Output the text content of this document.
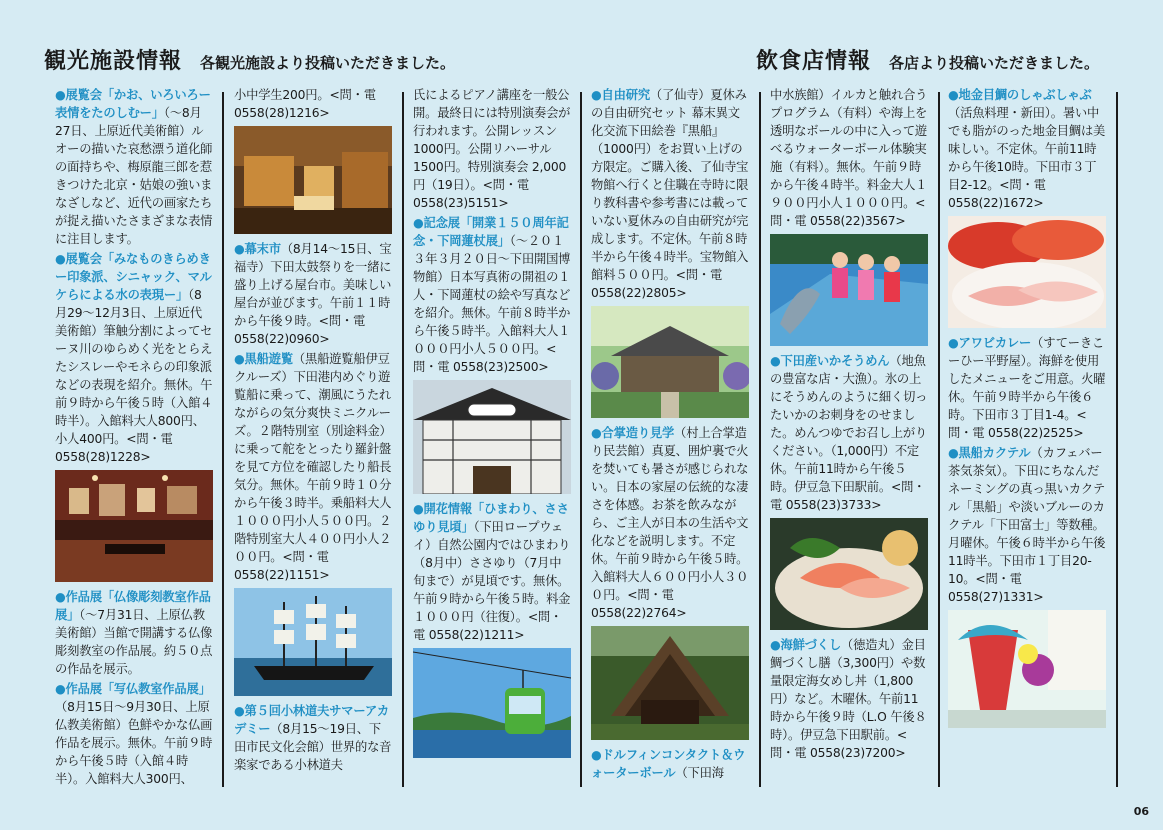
観光施設情報 各観光施設より投稿いただきました。	飲食店情報 各店より投稿いただきました。

●展覧会「かお、いろいろー表情をたのしむー」（〜8月27日、上原近代美術館）ルオーの描いた哀愁漂う道化師の面持ちや、梅原龍三郎を惹きつけた北京・姑娘の強いまなざしなど、近代の画家たちが捉え描いたさまざまな表情に注目します。

●展覧会「みなものきらめきー印象派、シニャック、マルケらによる水の表現ー」（8月29〜12月3日、上原近代美術館）筆触分割によってセーヌ川のゆらめく光をとらえたシスレーやモネらの印象派などの表現を紹介。無休。午前９時から午後５時（入館４時半）。入館料大人800円、小人400円。<問・電 0558(28)1228>

●作品展「仏像彫刻教室作品展」（〜7月31日、上原仏教美術館）当館で開講する仏像彫刻教室の作品展。約５０点の作品を展示。

●作品展「写仏教室作品展」（8月15日〜9月30日、上原仏教美術館）色鮮やかな仏画作品を展示。無休。午前９時から午後５時（入館４時半）。入館料大人300円、

小中学生200円。<問・電 0558(28)1216>

●幕末市（8月14〜15日、宝福寺）下田太鼓祭りを一緒に盛り上げる屋台市。美味しい屋台が並びます。午前１１時から午後９時。<問・電 0558(22)0960>

●黒船遊覧（黒船遊覧船伊豆クルーズ）下田港内めぐり遊覧船に乗って、潮風にうたれながらの気分爽快ミニクルーズ。２階特別室（別途料金）に乗って舵をとったり羅針盤を見て方位を確認したり船長気分。無休。午前９時１０分から午後３時半。乗船料大人１０００円小人５００円。２階特別室大人４００円小人２００円。<問・電 0558(22)1151>

●第５回小林道夫サマーアカデミー（8月15〜19日、下田市民文化会館）世界的な音楽家である小林道夫

氏によるピアノ講座を一般公開。最終日には特別演奏会が行われます。公開レッスン 1000円。公開リハーサル 1500円。特別演奏会 2,000円（19日）。<問・電 0558(23)5151>

●記念展「開業１５０周年記念・下岡蓮杖展」（〜２０１３年３月２０日〜下田開国博物館）日本写真術の開祖の１人・下岡蓮杖の絵や写真などを紹介。無休。午前８時半から午後５時半。入館料大人１０００円小人５００円。<問・電 0558(23)2500>

●開花情報「ひまわり、ささゆり見頃」（下田ロープウェイ）自然公園内ではひまわり（8月中）ささゆり（7月中旬まで）が見頃です。無休。午前９時から午後５時。料金１０００円（往復）。<問・電 0558(22)1211>

●自由研究（了仙寺）夏休みの自由研究セット 幕末異文化交流下田絵巻『黒船』（1000円）をお買い上げの方限定。ご購入後、了仙寺宝物館へ行くと住職在寺時に限り教科書や参考書には載っていない夏休みの自由研究が完成します。不定休。午前８時半から午後４時半。宝物館入館料５００円。<問・電 0558(22)2805>

●合掌造り見学（村上合掌造り民芸館）真夏、囲炉裏で火を焚いても暑さが感じられない。日本の家屋の伝統的な凄さを体感。お茶を飲みながら、ご主人が日本の生活や文化などを説明します。不定休。午前９時から午後５時。入館料大人６００円小人３００円。<問・電 0558(22)2764>

●ドルフィンコンタクト＆ウォーターボール（下田海

中水族館）イルカと触れ合うプログラム（有料）や海上を透明なボールの中に入って遊べるウォーターボール体験実施（有料）。無休。午前９時から午後４時半。料金大人１９００円小人１０００円。<問・電 0558(22)3567>

●下田産いかそうめん（地魚の豊富な店・大漁）。氷の上にそうめんのように細く切ったいかのお刺身をのせました。めんつゆでお召し上がりください。（1,000円）不定休。午前11時から午後５時。伊豆急下田駅前。<問・電 0558(23)3733>

●海鮮づくし（徳造丸）金目鯛づくし膳（3,300円）や数量限定海女めし丼（1,800円）など。木曜休。午前11時から午後９時（L.O 午後８時）。伊豆急下田駅前。<問・電 0558(23)7200>

●地金目鯛のしゃぶしゃぶ（活魚料理・新田）。暑い中でも脂がのった地金目鯛は美味しい。不定休。午前11時から午後10時。下田市３丁目2-12。<問・電 0558(22)1672>

●アワビカレー（すてーきこーひー平野屋）。海鮮を使用したメニューをご用意。火曜休。午前９時半から午後６時。下田市３丁目1-4。<問・電 0558(22)2525>

●黒船カクテル（カフェバー茶気茶気）。下田にちなんだネーミングの真っ黒いカクテル「黒船」や淡いブルーのカクテル「下田富士」等数種。月曜休。午後６時半から午後11時半。下田市１丁目20-10。<問・電 0558(27)1331>

06
